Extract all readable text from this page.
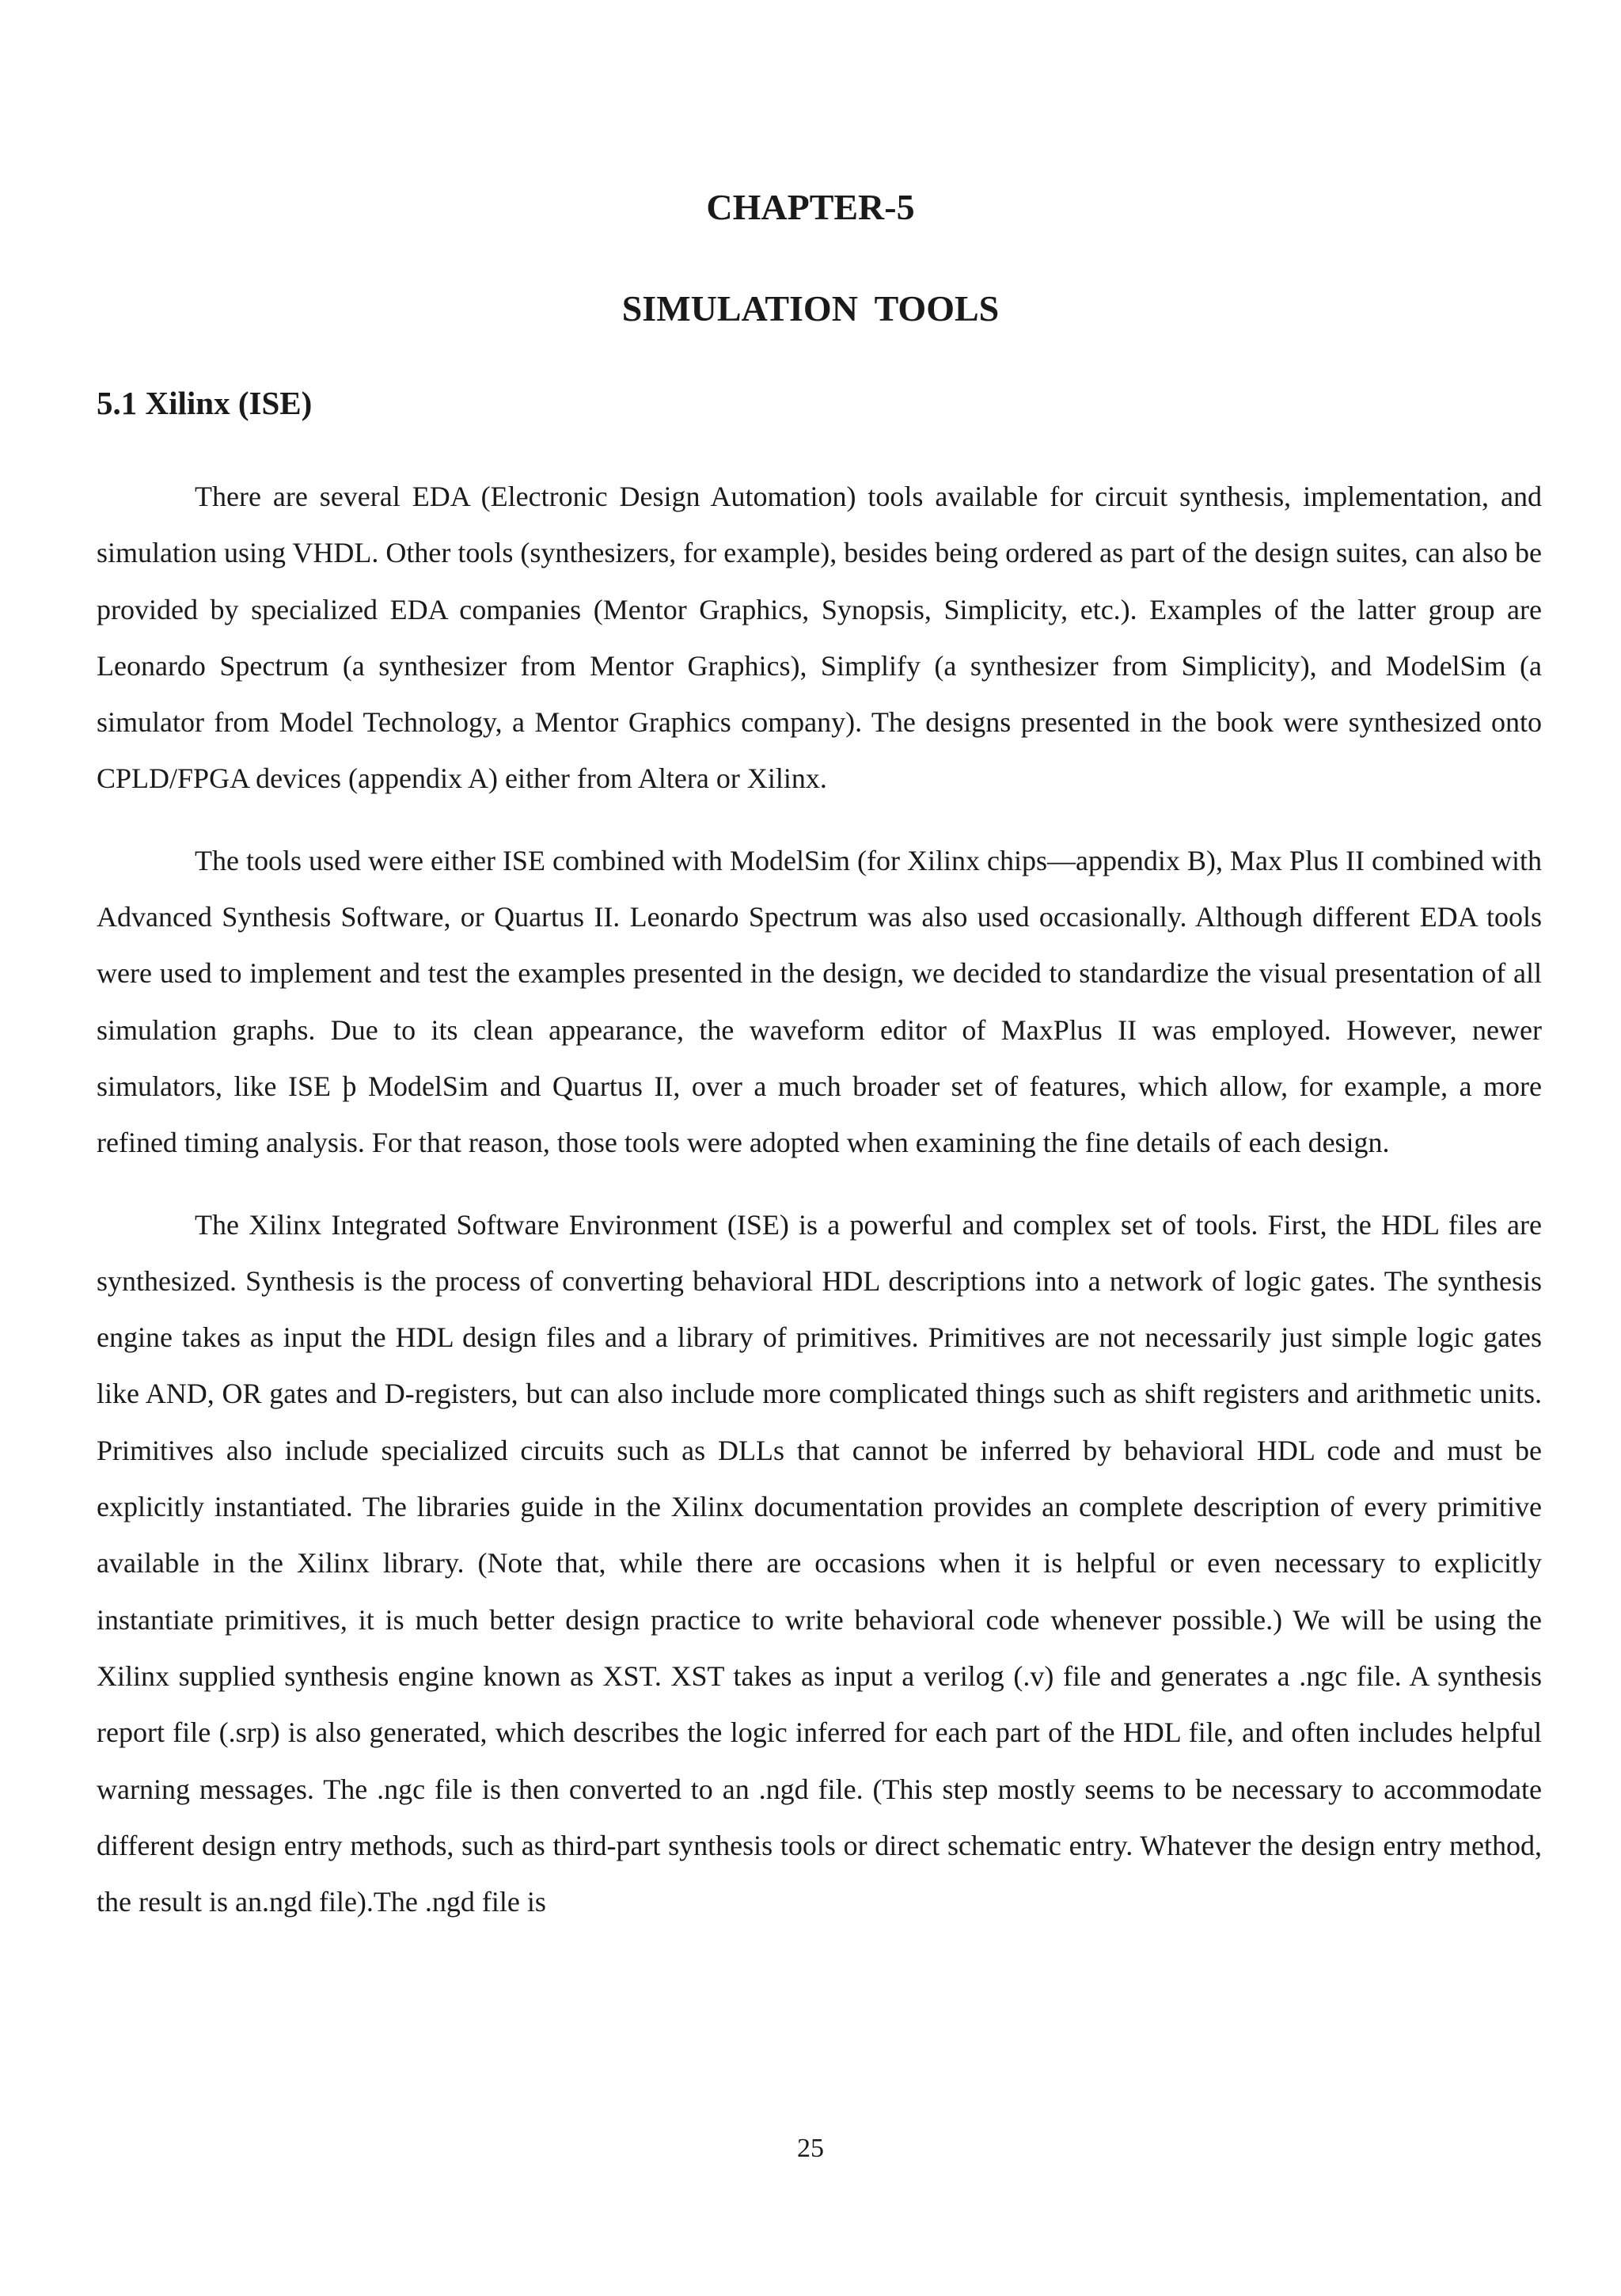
CHAPTER-5
SIMULATION TOOLS
5.1 Xilinx (ISE)

There are several EDA (Electronic Design Automation) tools available for circuit synthesis, implementation, and simulation using VHDL. Other tools (synthesizers, for example), besides being ordered as part of the design suites, can also be provided by specialized EDA companies (Mentor Graphics, Synopsis, Simplicity, etc.). Examples of the latter group are Leonardo Spectrum (a synthesizer from Mentor Graphics), Simplify (a synthesizer from Simplicity), and ModelSim (a simulator from Model Technology, a Mentor Graphics company). The designs presented in the book were synthesized onto CPLD/FPGA devices (appendix A) either from Altera or Xilinx.

The tools used were either ISE combined with ModelSim (for Xilinx chips—appendix B), Max Plus II combined with Advanced Synthesis Software, or Quartus II. Leonardo Spectrum was also used occasionally. Although different EDA tools were used to implement and test the examples presented in the design, we decided to standardize the visual presentation of all simulation graphs. Due to its clean appearance, the waveform editor of MaxPlus II was employed. However, newer simulators, like ISE þ ModelSim and Quartus II, over a much broader set of features, which allow, for example, a more refined timing analysis. For that reason, those tools were adopted when examining the fine details of each design.

The Xilinx Integrated Software Environment (ISE) is a powerful and complex set of tools. First, the HDL files are synthesized. Synthesis is the process of converting behavioral HDL descriptions into a network of logic gates. The synthesis engine takes as input the HDL design files and a library of primitives. Primitives are not necessarily just simple logic gates like AND, OR gates and D-registers, but can also include more complicated things such as shift registers and arithmetic units. Primitives also include specialized circuits such as DLLs that cannot be inferred by behavioral HDL code and must be explicitly instantiated. The libraries guide in the Xilinx documentation provides an complete description of every primitive available in the Xilinx library. (Note that, while there are occasions when it is helpful or even necessary to explicitly instantiate primitives, it is much better design practice to write behavioral code whenever possible.) We will be using the Xilinx supplied synthesis engine known as XST. XST takes as input a verilog (.v) file and generates a .ngc file. A synthesis report file (.srp) is also generated, which describes the logic inferred for each part of the HDL file, and often includes helpful warning messages. The .ngc file is then converted to an .ngd file. (This step mostly seems to be necessary to accommodate different design entry methods, such as third-part synthesis tools or direct schematic entry. Whatever the design entry method, the result is an.ngd file).The .ngd file is

25
